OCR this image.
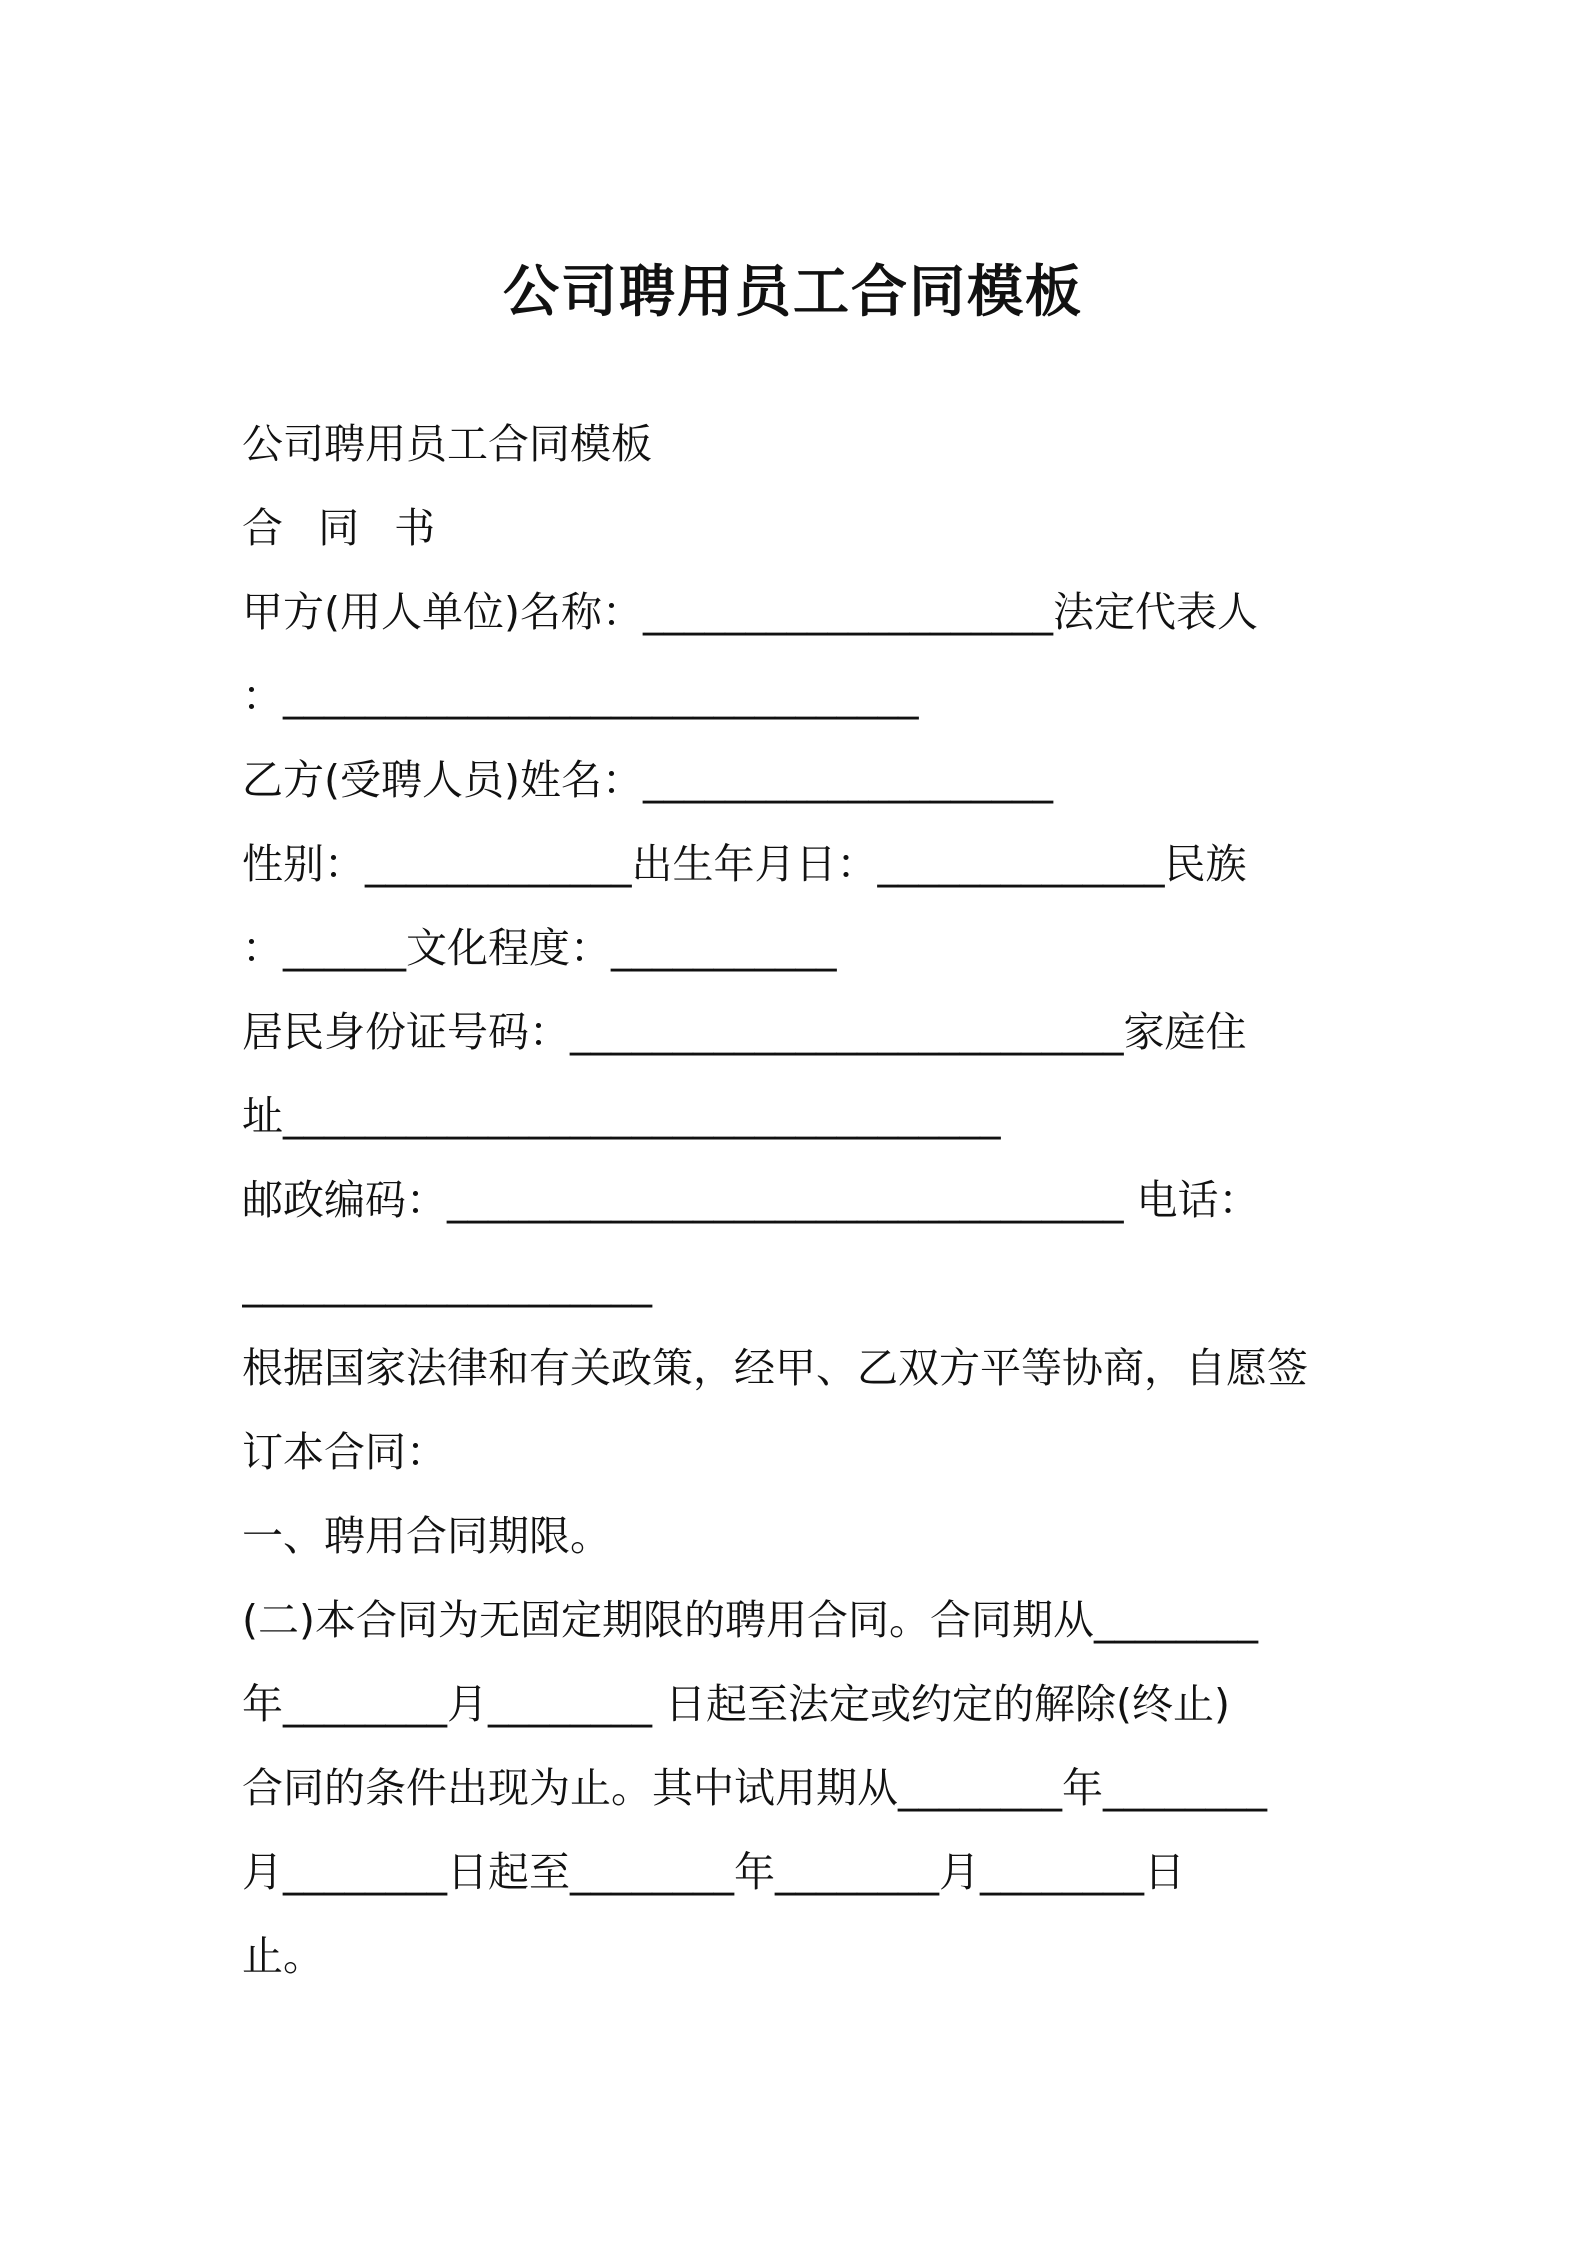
公司聘用员工合同模板
公司聘用员工合同模板
合  同  书
甲方(用人单位)名称：____________________法定代表人
：_______________________________
乙方(受聘人员)姓名：____________________
性别：_____________出生年月日：______________民族
：______文化程度：___________
居民身份证号码：___________________________家庭住
址___________________________________
邮政编码：_________________________________ 电话：
____________________
根据国家法律和有关政策，经甲、乙双方平等协商，自愿签
订本合同：
一、聘用合同期限。
(二)本合同为无固定期限的聘用合同。合同期从________
年________月________ 日起至法定或约定的解除(终止)
合同的条件出现为止。其中试用期从________年________
月________日起至________年________月________日
止。
